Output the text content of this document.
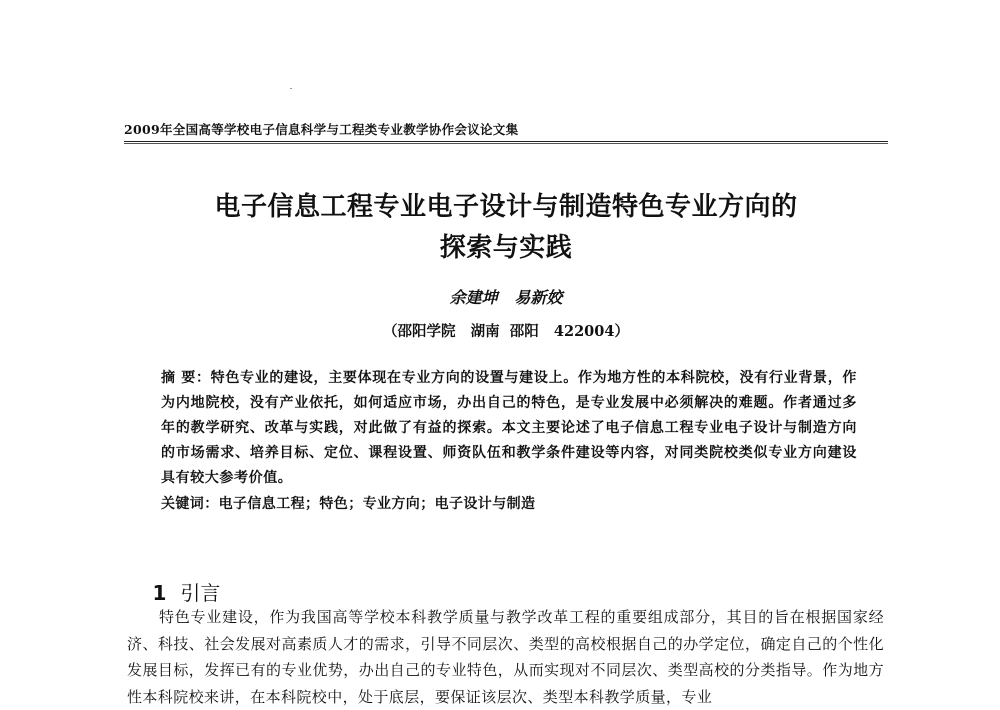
2009年全国高等学校电子信息科学与工程类专业教学协作会议论文集
电子信息工程专业电子设计与制造特色专业方向的
探索与实践
余建坤   易新姣
（邵阳学院   湖南  邵阳   422004）
摘 要：特色专业的建设，主要体现在专业方向的设置与建设上。作为地方性的本科院校，没有行业背景，作为内地院校，没有产业依托，如何适应市场，办出自己的特色，是专业发展中必须解决的难题。作者通过多年的教学研究、改革与实践，对此做了有益的探索。本文主要论述了电子信息工程专业电子设计与制造方向的市场需求、培养目标、定位、课程设置、师资队伍和教学条件建设等内容，对同类院校类似专业方向建设具有较大参考价值。
关键词：电子信息工程；特色；专业方向；电子设计与制造

1 引言

特色专业建设，作为我国高等学校本科教学质量与教学改革工程的重要组成部分，其目的旨在根据国家经济、科技、社会发展对高素质人才的需求，引导不同层次、类型的高校根据自己的办学定位，确定自己的个性化发展目标，发挥已有的专业优势，办出自己的专业特色，从而实现对不同层次、类型高校的分类指导。作为地方性本科院校来讲，在本科院校中，处于底层，要保证该层次、类型本科教学质量，专业
